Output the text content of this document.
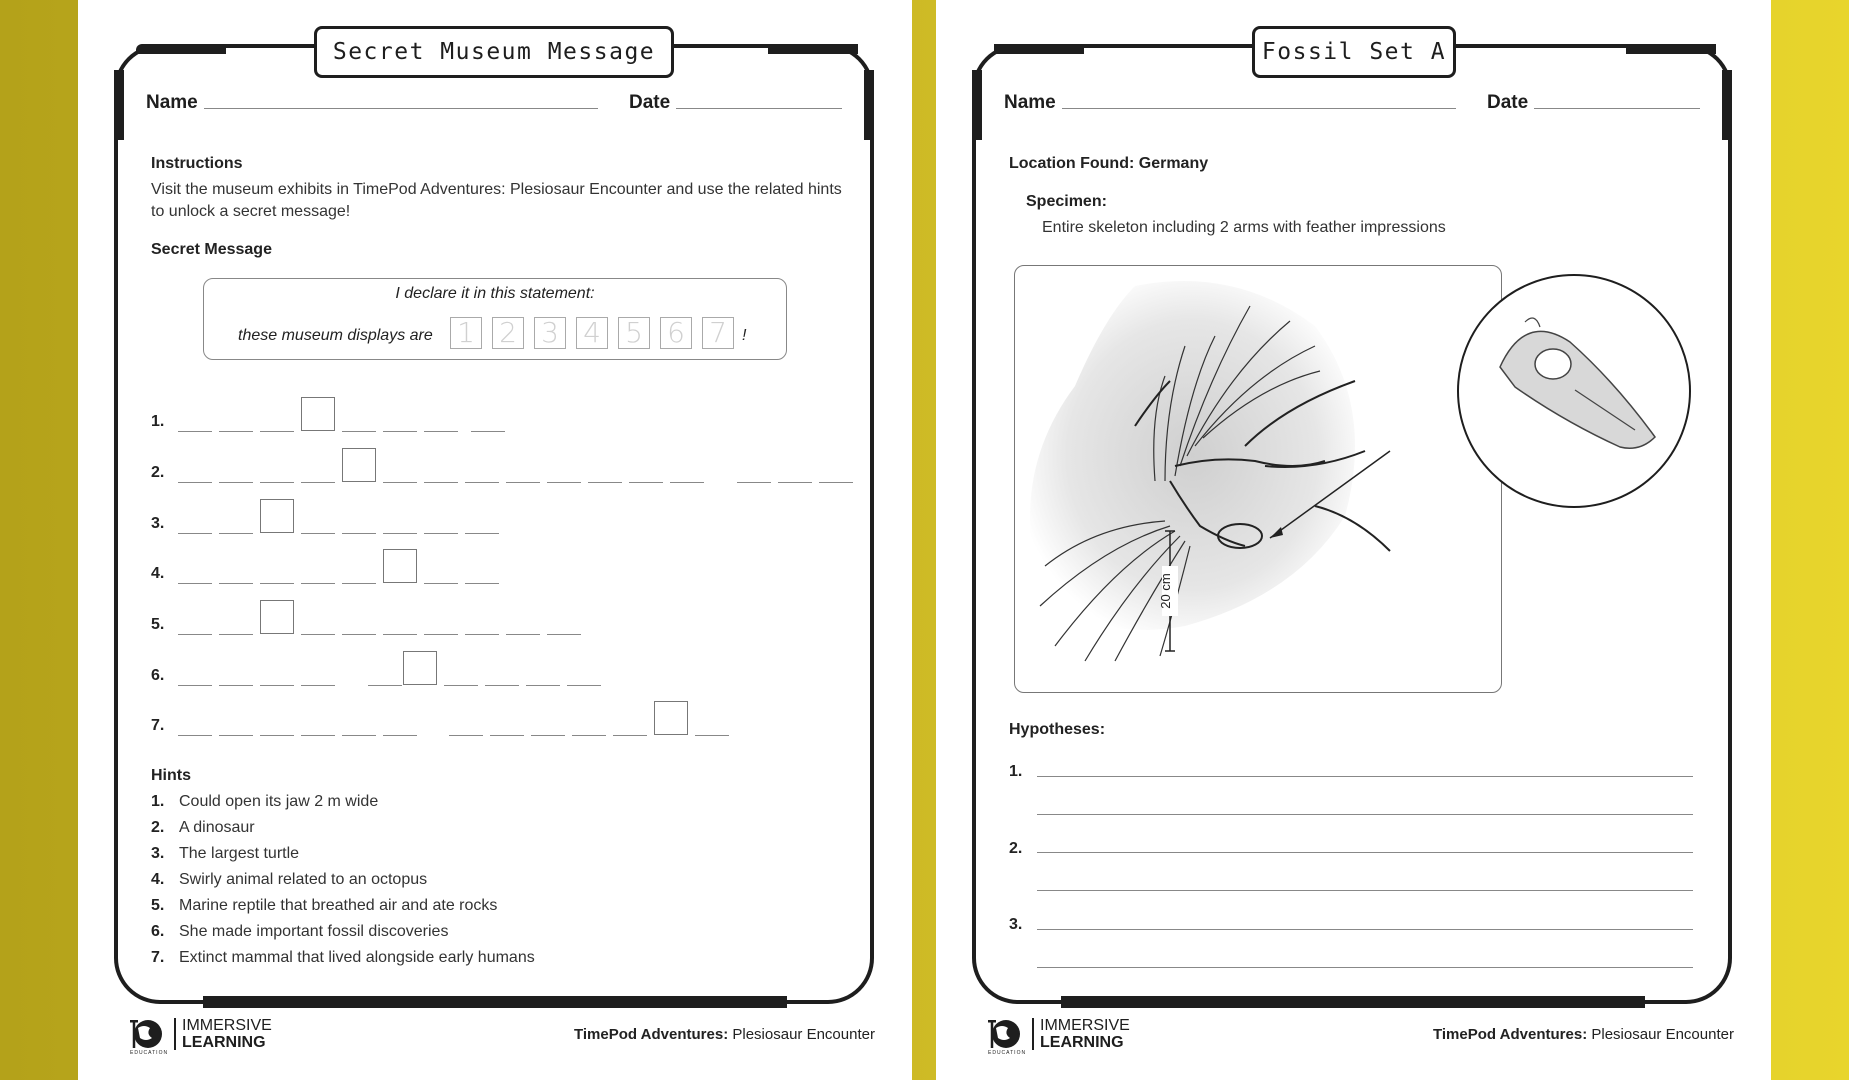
Secret Museum Message
Name	Date
Instructions
Visit the museum exhibits in TimePod Adventures: Plesiosaur Encounter and use the related hints to unlock a secret message!
Secret Message
I declare it in this statement:
these museum displays are 1 2 3 4 5 6 7 !
1.
2.
3.
4.
5.
6.
7.
Hints
1. Could open its jaw 2 m wide
2. A dinosaur
3. The largest turtle
4. Swirly animal related to an octopus
5. Marine reptile that breathed air and ate rocks
6. She made important fossil discoveries
7. Extinct mammal that lived alongside early humans
EDUCATION
IMMERSIVE
LEARNING	TimePod Adventures: Plesiosaur Encounter
Fossil Set A
Name	Date
Location Found: Germany
Specimen:
Entire skeleton including 2 arms with feather impressions
20 cm
Hypotheses:
1.
2.
3.
EDUCATION
IMMERSIVE
LEARNING	TimePod Adventures: Plesiosaur Encounter
